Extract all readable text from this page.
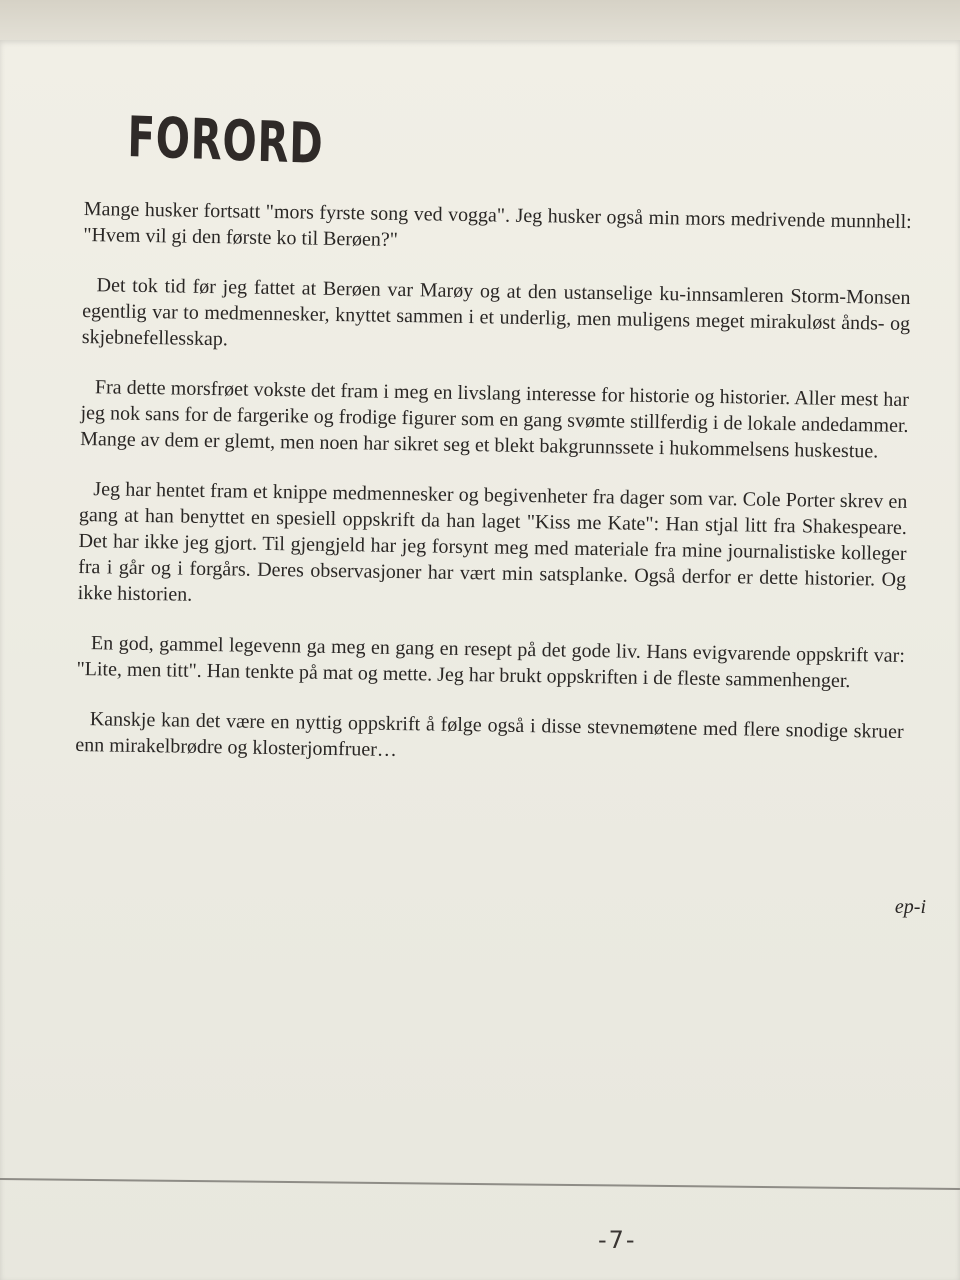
FORORD

Mange husker fortsatt "mors fyrste song ved vogga". Jeg husker også min mors medrivende munnhell: "Hvem vil gi den første ko til Berøen?"

Det tok tid før jeg fattet at Berøen var Marøy og at den ustanselige ku-innsamleren Storm-Monsen egentlig var to medmennesker, knyttet sammen i et underlig, men muligens meget mirakuløst ånds- og skjebnefellesskap.

Fra dette morsfrøet vokste det fram i meg en livslang interesse for historie og historier. Aller mest har jeg nok sans for de fargerike og frodige figurer som en gang svømte stillferdig i de lokale andedammer. Mange av dem er glemt, men noen har sikret seg et blekt bakgrunnssete i hukommelsens huskestue.

Jeg har hentet fram et knippe medmennesker og begivenheter fra dager som var. Cole Porter skrev en gang at han benyttet en spesiell oppskrift da han laget "Kiss me Kate": Han stjal litt fra Shakespeare. Det har ikke jeg gjort. Til gjengjeld har jeg forsynt meg med materiale fra mine journalistiske kolleger fra i går og i forgårs. Deres observasjoner har vært min satsplanke. Også derfor er dette historier. Og ikke historien.

En god, gammel legevenn ga meg en gang en resept på det gode liv. Hans evigvarende oppskrift var: "Lite, men titt". Han tenkte på mat og mette. Jeg har brukt oppskriften i de fleste sammenhenger.

Kanskje kan det være en nyttig oppskrift å følge også i disse stevnemøtene med flere snodige skruer enn mirakelbrødre og klosterjomfruer…

ep-i
-7-
